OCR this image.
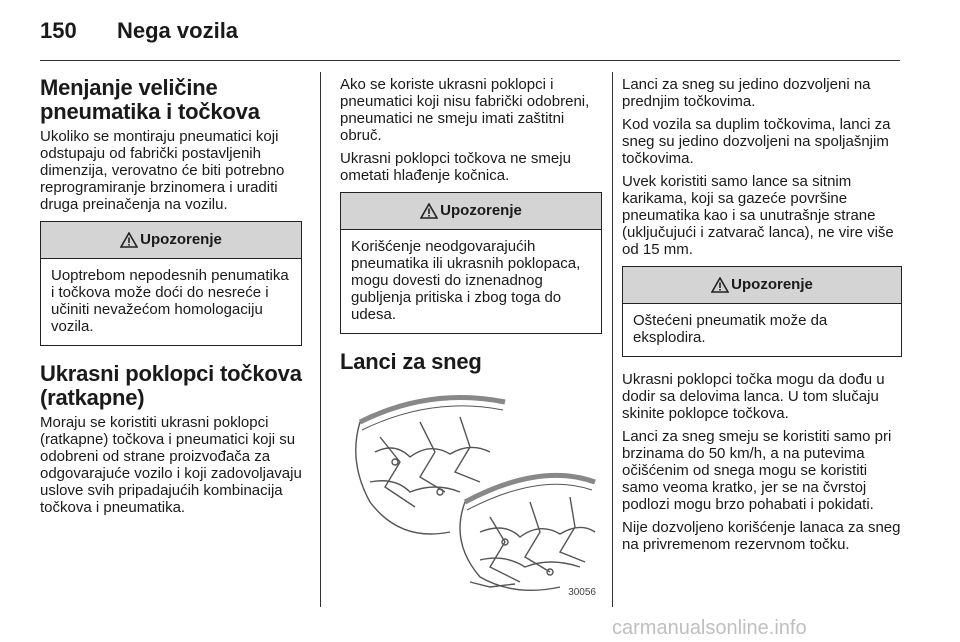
150 Nega vozila
Menjanje veličine pneumatika i točkova

Ukoliko se montiraju pneumatici koji odstupaju od fabrički postavljenih dimenzija, verovatno će biti potrebno reprogramiranje brzinomera i uraditi druga preinačenja na vozilu.

Upozorenje
Uoptrebom nepodesnih penumatika i točkova može doći do nesreće i učiniti nevažećom homologaciju vozila.
Ukrasni poklopci točkova (ratkapne)

Moraju se koristiti ukrasni poklopci (ratkapne) točkova i pneumatici koji su odobreni od strane proizvođača za odgovarajuće vozilo i koji zadovoljavaju uslove svih pripadajućih kombinacija točkova i pneumatika.

Ako se koriste ukrasni poklopci i pneumatici koji nisu fabrički odobreni, pneumatici ne smeju imati zaštitni obruč.

Ukrasni poklopci točkova ne smeju ometati hlađenje kočnica.

Upozorenje
Korišćenje neodgovarajućih pneumatika ili ukrasnih poklopaca, mogu dovesti do iznenadnog gubljenja pritiska i zbog toga do udesa.
Lanci za sneg
30056

Lanci za sneg su jedino dozvoljeni na prednjim točkovima.

Kod vozila sa duplim točkovima, lanci za sneg su jedino dozvoljeni na spoljašnjim točkovima.

Uvek koristiti samo lance sa sitnim karikama, koji sa gazeće površine pneumatika kao i sa unutrašnje strane (uključujući i zatvarač lanca), ne vire više od 15 mm.

Upozorenje
Oštećeni pneumatik može da eksplodira.

Ukrasni poklopci točka mogu da dođu u dodir sa delovima lanca. U tom slučaju skinite poklopce točkova.

Lanci za sneg smeju se koristiti samo pri brzinama do 50 km/h, a na putevima očišćenim od snega mogu se koristiti samo veoma kratko, jer se na čvrstoj podlozi mogu brzo pohabati i pokidati.

Nije dozvoljeno korišćenje lanaca za sneg na privremenom rezervnom točku.

carmanualsonline.info
